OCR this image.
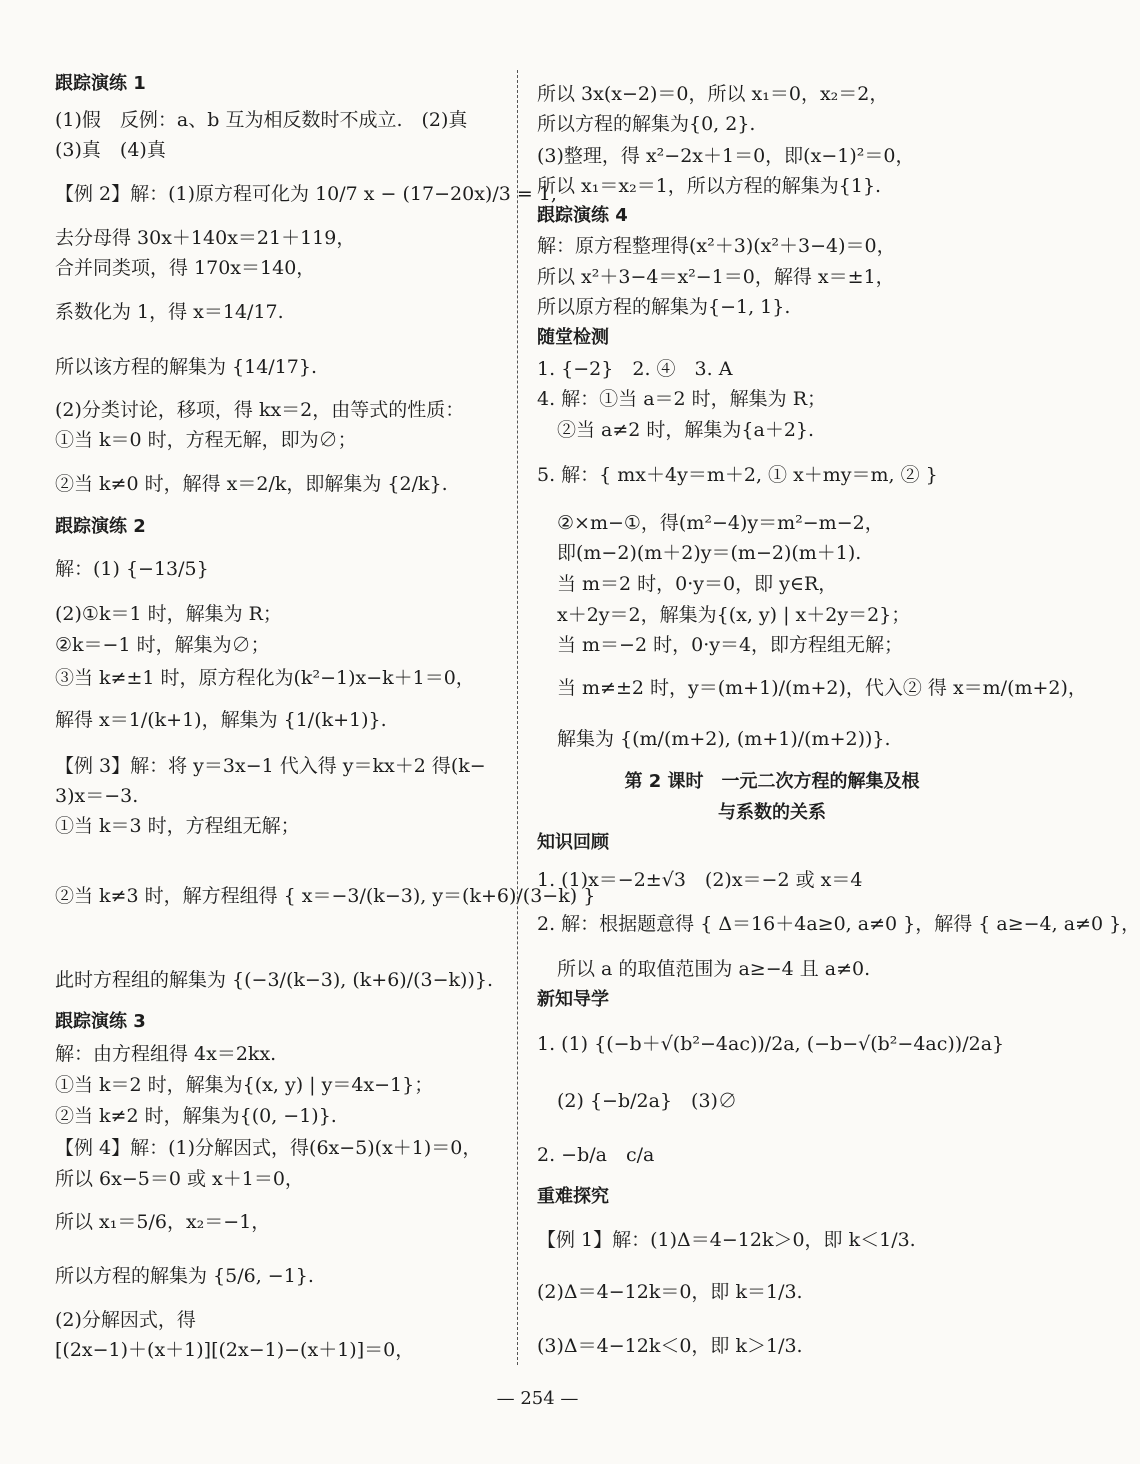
跟踪演练 1
(1)假　反例：a、b 互为相反数时不成立.　(2)真
(3)真　(4)真
【例 2】解：(1)原方程可化为 10/7 x − (17−20x)/3 = 1,
去分母得 30x＋140x＝21＋119，
合并同类项，得 170x＝140，
系数化为 1，得 x＝14/17.
所以该方程的解集为 {14/17}.
(2)分类讨论，移项，得 kx＝2，由等式的性质：
①当 k＝0 时，方程无解，即为∅；
②当 k≠0 时，解得 x＝2/k，即解集为 {2/k}.
跟踪演练 2
解：(1) {−13/5}
(2)①k＝1 时，解集为 R；
②k＝−1 时，解集为∅；
③当 k≠±1 时，原方程化为(k²−1)x−k＋1＝0，
解得 x＝1/(k+1)，解集为 {1/(k+1)}.
【例 3】解：将 y＝3x−1 代入得 y＝kx＋2 得(k−
3)x＝−3.
①当 k＝3 时，方程组无解；
②当 k≠3 时，解方程组得 { x＝−3/(k−3), y＝(k+6)/(3−k) }
此时方程组的解集为 {(−3/(k−3), (k+6)/(3−k))}.
跟踪演练 3
解：由方程组得 4x＝2kx.
①当 k＝2 时，解集为{(x, y) | y＝4x−1}；
②当 k≠2 时，解集为{(0, −1)}.
【例 4】解：(1)分解因式，得(6x−5)(x＋1)＝0，
所以 6x−5＝0 或 x＋1＝0，
所以 x₁＝5/6，x₂＝−1，
所以方程的解集为 {5/6, −1}.
(2)分解因式，得
[(2x−1)＋(x＋1)][(2x−1)−(x＋1)]＝0，
所以 3x(x−2)＝0，所以 x₁＝0，x₂＝2，
所以方程的解集为{0, 2}.
(3)整理，得 x²−2x＋1＝0，即(x−1)²＝0，
所以 x₁＝x₂＝1，所以方程的解集为{1}.
跟踪演练 4
解：原方程整理得(x²＋3)(x²＋3−4)＝0，
所以 x²＋3−4＝x²−1＝0，解得 x＝±1，
所以原方程的解集为{−1, 1}.
随堂检测
1. {−2}　2. ④　3. A
4. 解：①当 a＝2 时，解集为 R；
②当 a≠2 时，解集为{a＋2}.
5. 解：{ mx＋4y＝m＋2, ① x＋my＝m, ② }
②×m−①，得(m²−4)y＝m²−m−2，
即(m−2)(m＋2)y＝(m−2)(m＋1).
当 m＝2 时，0·y＝0，即 y∈R，
x＋2y＝2，解集为{(x, y) | x＋2y＝2}；
当 m＝−2 时，0·y＝4，即方程组无解；
当 m≠±2 时，y＝(m+1)/(m+2)，代入② 得 x＝m/(m+2)，
解集为 {(m/(m+2), (m+1)/(m+2))}.
第 2 课时　一元二次方程的解集及根
与系数的关系
知识回顾
1. (1)x＝−2±√3　(2)x＝−2 或 x＝4
2. 解：根据题意得 { Δ＝16＋4a≥0, a≠0 }，解得 { a≥−4, a≠0 }，
所以 a 的取值范围为 a≥−4 且 a≠0.
新知导学
1. (1) {(−b＋√(b²−4ac))/2a, (−b−√(b²−4ac))/2a}
(2) {−b/2a}　(3)∅
2. −b/a　c/a
重难探究
【例 1】解：(1)Δ＝4−12k＞0，即 k＜1/3.
(2)Δ＝4−12k＝0，即 k＝1/3.
(3)Δ＝4−12k＜0，即 k＞1/3.
— 254 —
